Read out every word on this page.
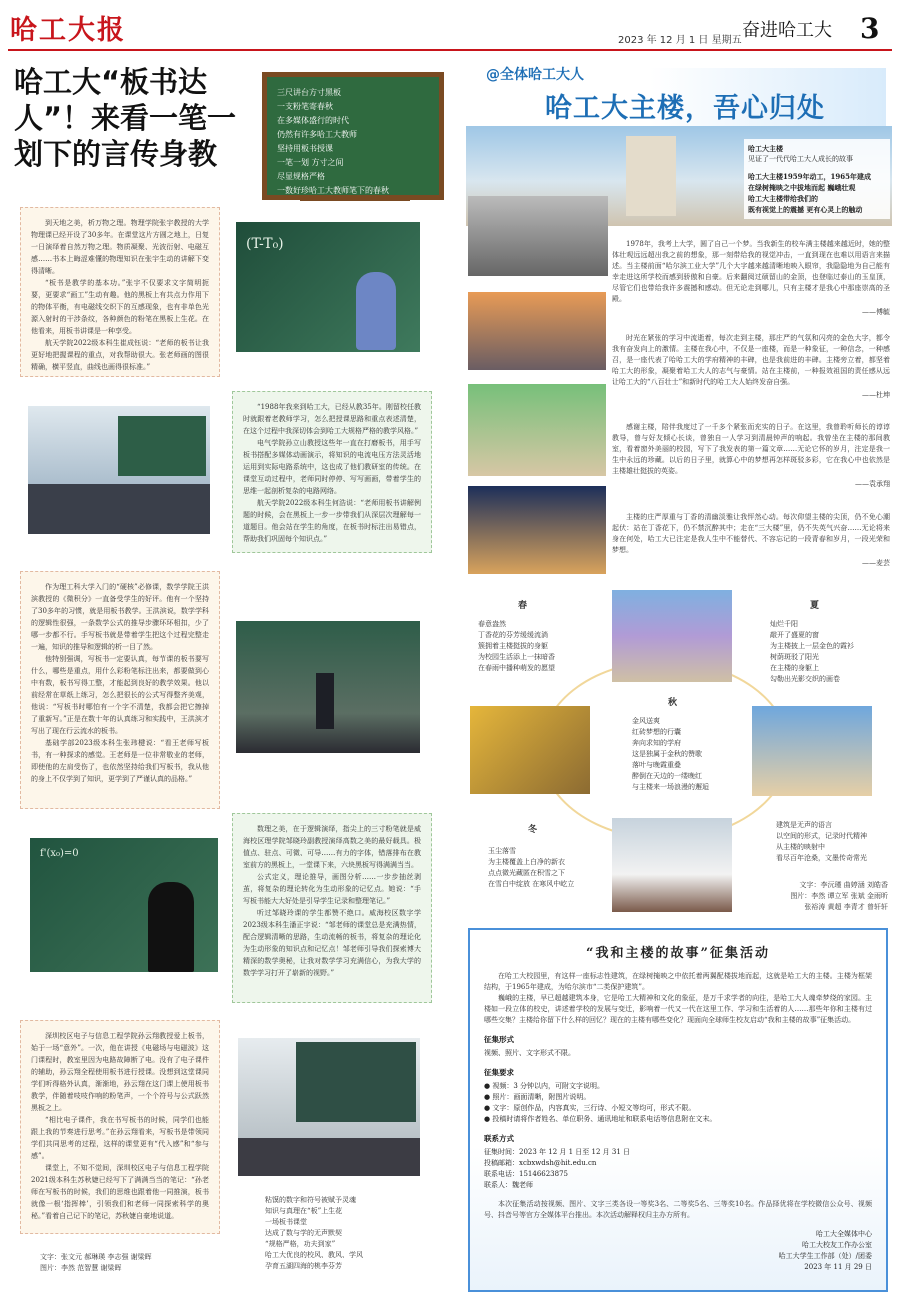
哈工大报	2023 年 12 月 1 日 星期五 奋进哈工大 3
哈工大“板书达人”！来看一笔一划下的言传身教
三尺讲台方寸黑板
一支粉笔寄春秋
在多媒体盛行的时代
仍然有许多哈工大教师
坚持用板书授课
一笔一划 方寸之间
尽显规格严格
一数好珍哈工大教师笔下的春秋

到天地之美，析万物之理。物理学院张宇教授的大学物理课已经开设了30多年。在课堂这片方圆之地上，日复一日演绎着自然万物之理。物质凝聚、光波衍射、电磁互感……书本上晦涩难懂的物理知识在张宇生动的讲解下变得清晰。

“板书是教学的基本功。”张宇不仅要求文字简明扼要，更要求“画工”生动有趣。他的黑板上有共点力作用下的物体平衡，有电磁线交织下的互感现象，也有非单色光源入射时的干涉条纹，各种颜色的粉笔在黑板上生花。在他看来，用板书讲课是一种享受。

航天学院2022级本科生崔成钰说：“老师的板书让我更好地把握课程的重点，对我帮助很大。张老师画的图很精确，横平竖直，曲线也画得很标准。”

(T-T₀)

“1988年我来到哈工大，已经从教35年。刚留校任教时就跟着老教师学习，怎么把授课思路和重点表述清楚，在这个过程中我深切体会到哈工大规格严格的教学风格。”

电气学院孙立山教授这些年一直在打磨板书，用手写板书搭配多媒体动画演示，将知识的电流电压方法灵活地运用到实际电路系统中，这也成了他们教研室的传统。在课堂互动过程中，老师同时停停、写写画画，带着学生的思维一起剖析复杂的电路网络。

航天学院2022级本科生何浩说：“老师用板书讲解例题的时候，会在黑板上一步一步带我们从深层次理解每一道题目。他会站在学生的角度，在板书时标注出易错点，帮助我们巩固每个知识点。”

作为理工科大学入门的“硬核”必修课，数学学院王洪滨教授的《微积分》一直备受学生的好评。他有一个坚持了30多年的习惯，就是用板书教学。王洪滨说，数学学科的逻辑性很强，一条数学公式的推导步骤环环相扣，少了哪一步都不行。手写板书就是带着学生把这个过程完整走一遍，知识的推导和逻辑的析一目了然。

他特别强调，写板书一定要认真，每节课的板书要写什么，哪些是重点，用什么彩粉笔标注出来，都要做到心中有数，板书写得工整，才能起到良好的教学效果。他以前经常在草纸上练习，怎么把很长的公式写得整齐美观，他说：“写板书时哪怕有一个字不清楚，我都会把它擦掉了重新写。”正是在数十年的认真练习和实践中，王洪滨才写出了现在行云流水的板书。

基础学部2023级本科生张玮楗说：“看王老师写板书，有一种探求的感觉。王老师是一位非常敬业的老师，即使他的左肩受伤了，也依然坚持给我们写板书，我从他的身上不仅学到了知识，更学到了严谨认真的品格。”

f'(x₀)=0

数理之美，在于逻辑演绎，指尖上的三寸粉笔就是威海校区理学院邹晓玲副教授演绎高数之美的最好载具。极值点、驻点、可微、可导……有力的字体，错落排布在教室前方的黑板上，一堂课下来，六块黑板写得满满当当。

公式定义，理论推导，画图分析……一步步抽丝剥茧，将复杂的理论转化为生动形象的记忆点。她说：“手写板书能大大好处是引导学生记录和整理笔记。”

听过邹晓玲课的学生都赞不绝口。威海校区数字学2023级本科生潘正宇说：“邹老师的课堂总是充满热情，配合逻辑清晰的思路，生动流畅的板书，将复杂的理论化为生动形象的知识点和记忆点！邹老师引导我们探索博大精深的数学奥秘，让我对数学学习充满信心，为我大学的数学学习打开了崭新的视野。”

深圳校区电子与信息工程学院孙云翔教授爱上板书，始于一场“意外”。一次，他在讲授《电磁场与电磁波》这门课程时，教室里因为电路故障断了电。没有了电子课件的辅助，孙云翔全程使用板书进行授课。没想到这堂课同学们听得格外认真，渐渐地，孙云翔在这门课上使用板书教学，伴随着吱吱作响的粉笔声，一个个符号与公式跃然黑板之上。

“相比电子课件，我在书写板书的时候，同学们也能跟上我的节奏进行思考。”在孙云翔看来，写板书是带领同学们共同思考的过程，这样的课堂更有“代入感”和“参与感”。

课堂上，不知不觉间，深圳校区电子与信息工程学院2021级本科生苏秋婕已经写下了满满当当的笔记：“孙老师在写板书的时候，我们的思维也跟着他一同推演，板书就像一根‘指挥棒’，引领我们和老师一同探索科学的奥秘。”看着自己记下的笔记，苏秋婕自豪地说道。

粘馍的数字和符号被赋予灵魂
知识与真理在“板”上生花
一场板书课堂
达成了数与学的无声默契
“规格严格，功夫到家”
哈工大优良的校风、教风、学风
孕育五湖四海的桃李芬芳
文字：张文元 郝琳瑛 李志强 谢梁晖
图片：李然 范智慧 谢梁晖
@全体哈工大人
哈工大主楼，吾心归处
哈工大主楼
见证了一代代哈工大人成长的故事
哈工大主楼1959年动工，1965年建成
在绿树掩映之中拔地而起 巍峨壮观
哈工大主楼带给我们的
既有视觉上的震撼 更有心灵上的触动

1978年，我考上大学，圆了自己一个梦。当我新生的校车满主楼越来越近时，她的整体壮观远远超出我之前的想象，那一刻带给我的视觉冲击，一直到现在也难以用语言来描述。当主楼前面“哈尔滨工业大学”几个大字越来越清晰地映入眼帘，我隐隐地为自己能有幸走进这所学校而感到骄傲和自豪。后来翻阅过硕留山的金顶，也登临过泰山的玉皇顶，尽管它们也带给我许多震撼和感动。但无论走到哪儿，只有主楼才是我心中那座崇高的圣殿。

——傅毓

时光在紧张的学习中流逝着，每次走到主楼，那庄严的气氛和闪亮的金色大字，都令我有奋发向上的激情。主楼在我心中，不仅是一座楼，而是一种象征，一种信念，一种感召，是一座代表了哈哈工大的学府精神的丰碑，也是我前进的丰碑。主楼旁立着，都坚着哈工大的形象，凝聚着哈工大人的志气与豪情。站在主楼前，一种报效祖国的责任感从远让哈工大的“八百壮士”和新时代的哈工大人始终发奋自强。

——杜坤

感谢主楼，陪伴我度过了一千多个紧张而充实的日子。在这里，我曾聆听师长的谆谆教导，曾与好友倾心长谈，曾独自一人学习到清晨钟声的响起。我曾坐在主楼的那间教室，看着窗外美丽的校园，写下了我发表的第一篇文章……无论它怀的岁月，注定是我一生中永远的珍藏。以后的日子里，就算心中的梦想再怎样斑驳多彩，它在我心中也依然是主楼雄壮挺拔的英姿。

——袁承翔

主楼的庄严厚重与丁香的清幽淡雅让我怦然心动。每次仰望主楼的尖顶，仍不免心潮起伏：站在丁香花下，仍不禁沉醉其中；走在“三大楼”里，仍不失英气兴奋……无论将来身在何处，哈工大已注定是我人生中不能替代、不容忘记的一段青春和岁月，一段光荣和梦想。

——麦芸
春
春意盎然
丁香花的芬芳缓缓流淌
簇拥着主楼挺拔的身躯
为校园生活添上一抹暗香
在春雨中播种萌发的愿望
夏
灿烂千阳
敲开了盛夏的窗
为主楼披上一层金色的霞衫
树荫斑驳了阳光
在主楼的身躯上
勾勒出光影交织的画卷
秋
金风送爽
红砖梦想的行囊
奔向求知的学府
这是独属于金秋的赞歌
落叶与晚霞重叠
醉倒在天边的一缕晚红
与主楼来一场浪漫的邂逅
冬
玉尘落雪
为主楼覆盖上白净的新衣
点点微光藏匿在积雪之下
在雪白中绽放 在寒风中屹立
建筑是无声的语言
以空间的形式，记录时代精神
从主楼的映射中
看尽百年沧桑，文墨传奇常光
文字：李沅瑾 曲婷涵 刘皓香
图片：李然 谭立军 张斌 金雨昕
张裕涛 黄超 李青才 曾轩轩
“我和主楼的故事”征集活动

在哈工大校园里，有这样一座标志性建筑，在绿树掩映之中依托着两翼配楼拔地而起，这就是哈工大的主楼。主楼为框架结构，于1965年建成，为哈尔滨市“二类保护建筑”。

巍峨的主楼，早已超越建筑本身，它是哈工大精神和文化的象征，是万千求学者的向往，是哈工大人魂牵梦绕的家园。主楼如一段立体的校史，讲述着学校的发展与变迁，影响着一代又一代在这里工作、学习和生活着的人……那些年你和主楼有过哪些交集？主楼给你留下什么样的回忆？现在的主楼有哪些变化？现面向全球师生校友启动“我和主楼的故事”征集活动。

征集形式
视频、照片、文字形式不限。
征集要求
● 视频：3 分钟以内，可附文字说明。
● 照片：画面清晰，附图片说明。
● 文字：原创作品，内容真实，三行诗、小短文等均可，形式不限。
● 投稿时请将作者姓名、单位职务、通讯地址和联系电话等信息附在文末。
联系方式
征集时间：2023 年 12 月 1 日至 12 月 31 日
投稿邮箱：xcbxwdsh@hit.edu.cn
联系电话：15146623875
联系人：魏老师

本次征集活动按视频、图片、文字三类各设一等奖3名、二等奖5名、三等奖10名。作品择优将在学校微信公众号、视频号、抖音号等官方全媒体平台推出。本次活动解释权归主办方所有。

哈工大全媒体中心
哈工大校友工作办公室
哈工大学生工作部（处）/团委
2023 年 11 月 29 日
